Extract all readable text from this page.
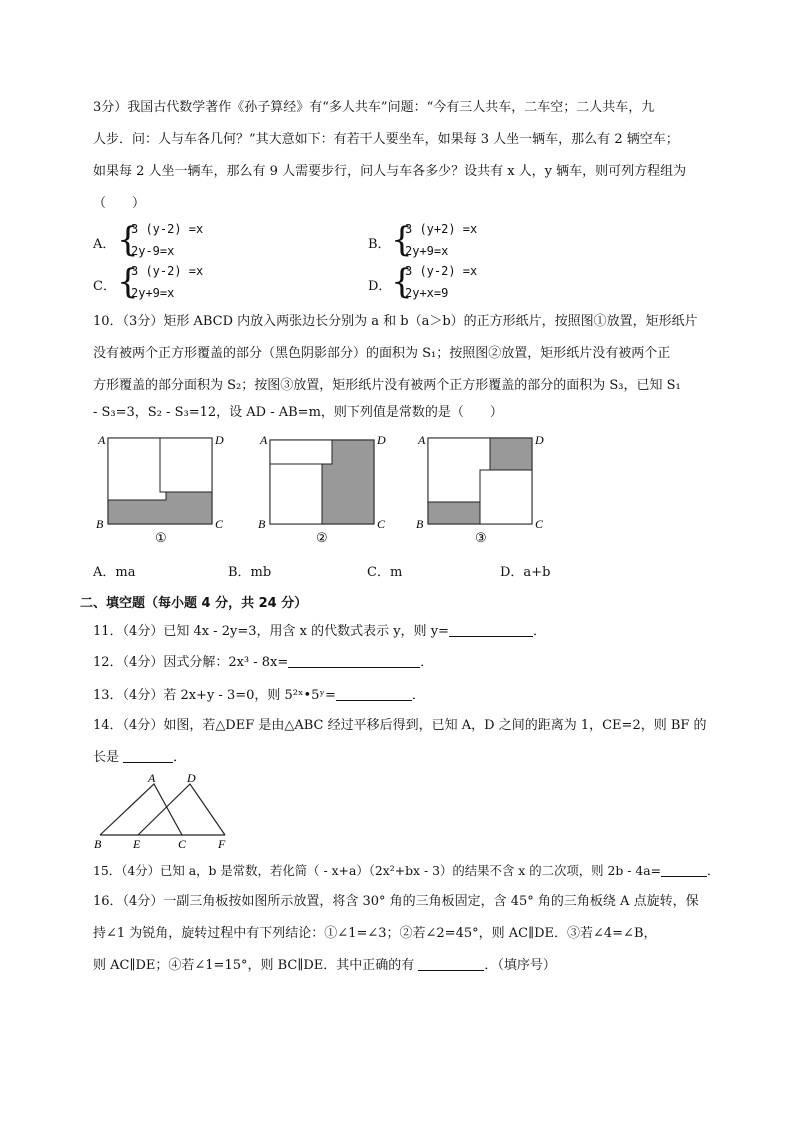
3分）我国古代数学著作《孙子算经》有“多人共车”问题：“今有三人共车，二车空；二人共车，九
人步．问：人与车各几何？”其大意如下：有若干人要坐车，如果每 3 人坐一辆车，那么有 2 辆空车；
如果每 2 人坐一辆车，那么有 9 人需要步行，问人与车各多少？设共有 x 人，y 辆车，则可列方程组为
（　　）
A． {
3 (y-2) =x
2y-9=x	B． {
3 (y+2) =x
2y+9=x
C． {
3 (y-2) =x
2y+9=x	D． {
3 (y-2) =x
2y+x=9
10．（3分）矩形 ABCD 内放入两张边长分别为 a 和 b（a＞b）的正方形纸片，按照图①放置，矩形纸片
没有被两个正方形覆盖的部分（黑色阴影部分）的面积为 S₁；按照图②放置，矩形纸片没有被两个正
方形覆盖的部分面积为 S₂；按图③放置，矩形纸片没有被两个正方形覆盖的部分的面积为 S₃，已知 S₁
- S₃=3，S₂ - S₃=12，设 AD - AB=m，则下列值是常数的是（　　）
A	D
B	C
①
A	D
B	C
②
A	D
B	C
③
A．ma	B．mb	C．m	D．a+b
二、填空题（每小题 4 分，共 24 分）
11．（4分）已知 4x - 2y=3，用含 x 的代数式表示 y，则 y=	．
12．（4分）因式分解：2x³ - 8x=	．
13．（4分）若 2x+y - 3=0，则 5²ˣ•5ʸ=	．
14．（4分）如图，若△DEF 是由△ABC 经过平移后得到，已知 A，D 之间的距离为 1，CE=2，则 BF 的
长是	．
A	D
B	E	C	F
15．（4分）已知 a，b 是常数，若化简（ - x+a）（2x²+bx - 3）的结果不含 x 的二次项，则 2b - 4a=	．
16．（4分）一副三角板按如图所示放置，将含 30° 角的三角板固定，含 45° 角的三角板绕 A 点旋转，保
持∠1 为锐角，旋转过程中有下列结论：①∠1=∠3；②若∠2=45°，则 AC∥DE．③若∠4=∠B，
则 AC∥DE；④若∠1=15°，则 BC∥DE．其中正确的有	．（填序号）
